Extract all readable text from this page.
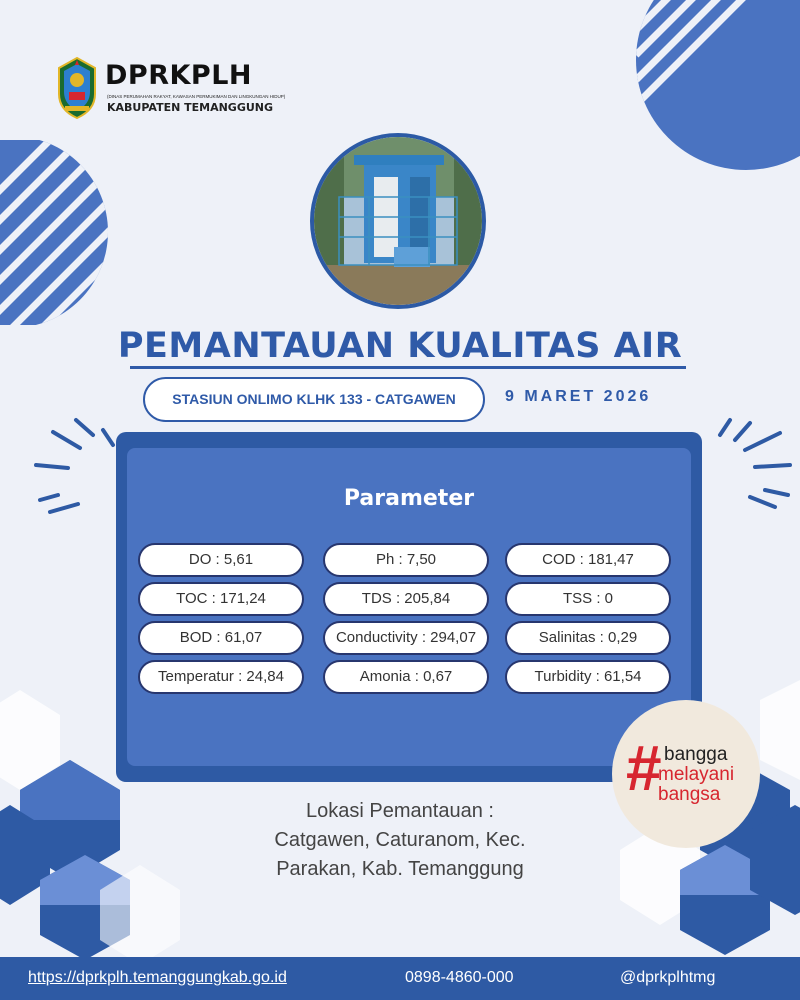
DPRKPLH
(DINAS PERUMAHAN RAKYAT, KAWASAN PERMUKIMAN DAN LINGKUNGAN HIDUP)
KABUPATEN TEMANGGUNG
PEMANTAUAN KUALITAS AIR
STASIUN ONLIMO KLHK 133 - CATGAWEN	9 MARET 2026
Parameter
DO : 5,61	Ph : 7,50	COD : 181,47
TOC : 171,24	TDS : 205,84	TSS : 0
BOD : 61,07	Conductivity : 294,07	Salinitas : 0,29
Temperatur : 24,84	Amonia : 0,67	Turbidity : 61,54
Lokasi Pemantauan :
Catgawen, Caturanom, Kec.
Parakan, Kab. Temanggung
# bangga
melayani
bangsa
https://dprkplh.temanggungkab.go.id	0898-4860-000	@dprkplhtmg
